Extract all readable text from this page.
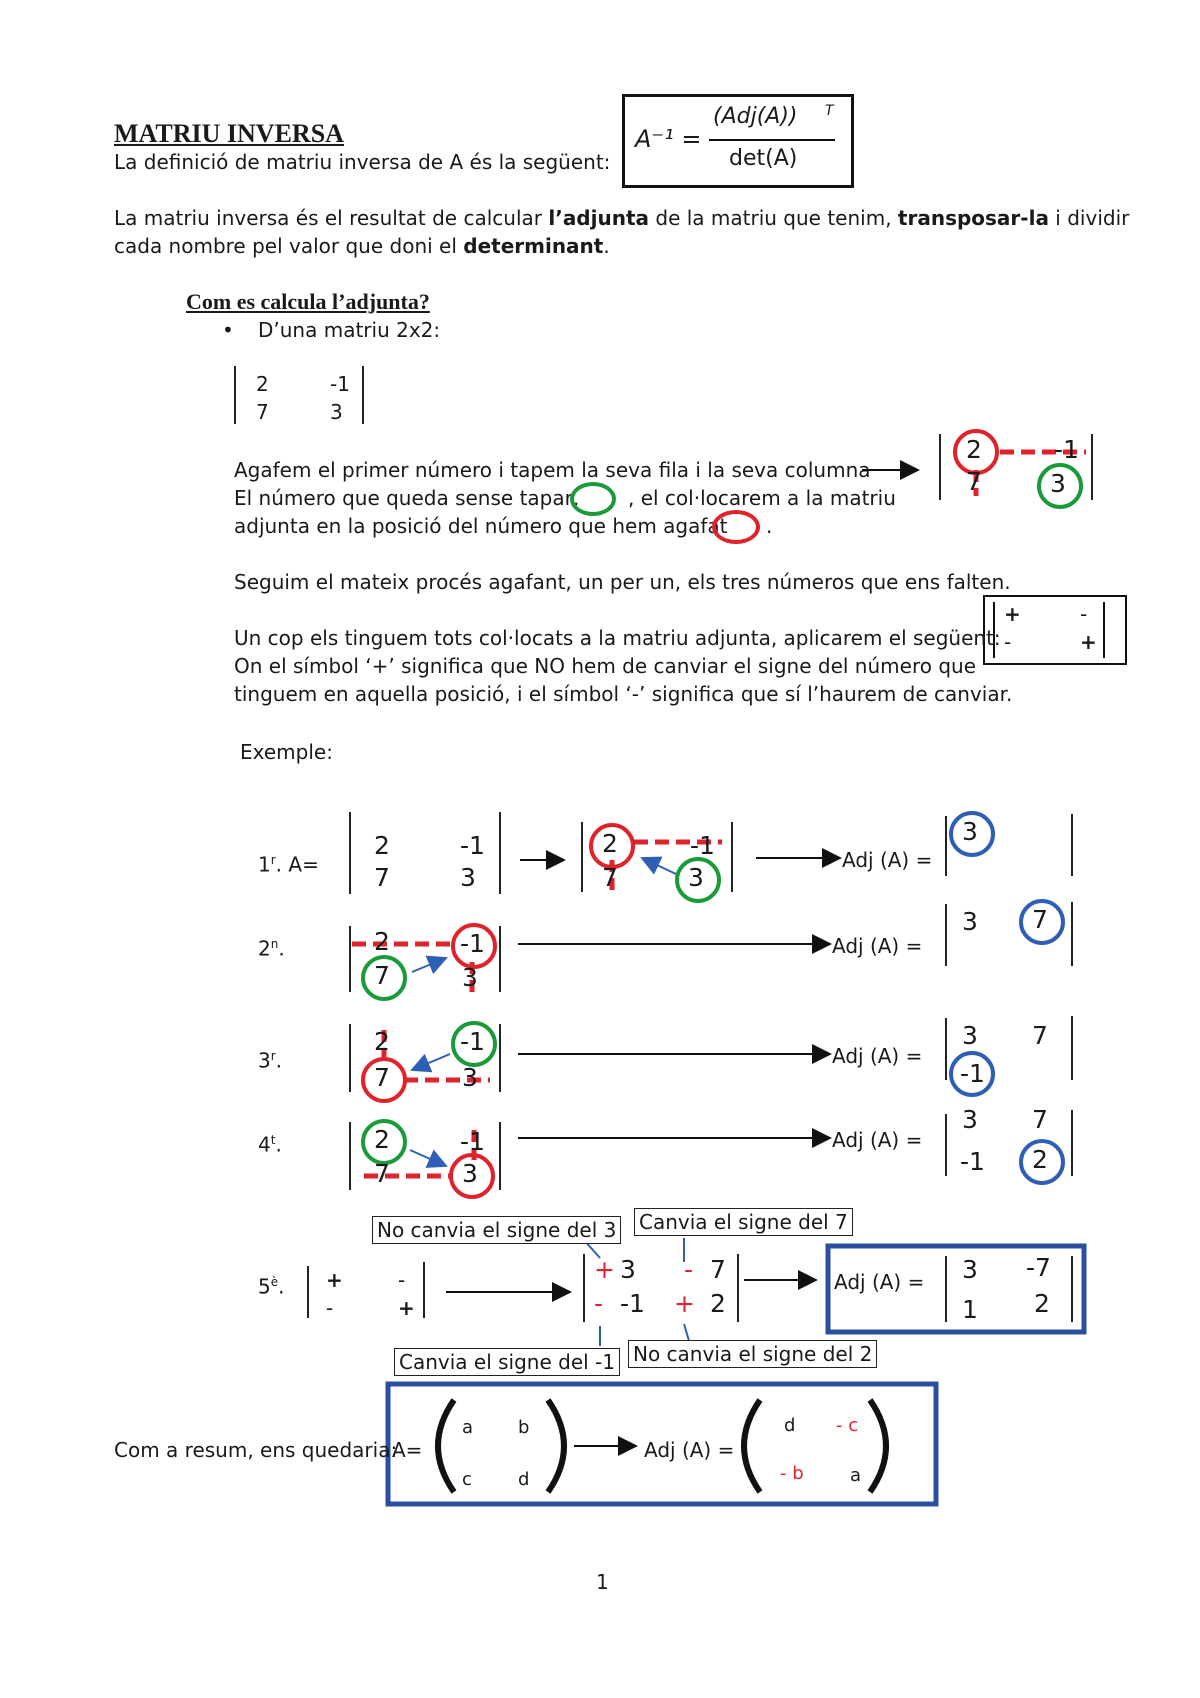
MATRIU INVERSA
La definició de matriu inversa de A és la següent:
A⁻¹ =
(Adj(A)) T
det(A)
La matriu inversa és el resultat de calcular l’adjunta de la matriu que tenim, transposar-la i dividir
cada nombre pel valor que doni el determinant.
Com es calcula l’adjunta?
• D’una matriu 2x2:
2	-1
7	3
Agafem el primer número i tapem la seva fila i la seva columna
El número que queda sense tapar, , el col·locarem a la matriu
adjunta en la posició del número que hem agafat .
2	-1
7	3
Seguim el mateix procés agafant, un per un, els tres números que ens falten.
Un cop els tinguem tots col·locats a la matriu adjunta, aplicarem el següent:
On el símbol ‘+’ significa que NO hem de canviar el signe del número que
tinguem en aquella posició, i el símbol ‘-’ significa que sí l’haurem de canviar.
+	-
-	+
Exemple:
1$^r$. A=
2	-1
7	3
2	-1
7	3
Adj (A) =
3
2$^n$.	2	-1
7	3
Adj (A) =
3 7
3$^r$.
2	-1
7	3
Adj (A) =
3 7
-1
4$^t$.	2	-1
7	3
Adj (A) =
3 7
-1 2
$5^è$. +	-
-	+
+ 3 - 7
- -1 + 2
Adj (A) = 3 -7
1 2
No canvia el signe del 3 Canvia el signe del 7
Canvia el signe del -1 No canvia el signe del 2
Com a resum, ens quedaria:
A=
a b
c	d
Adj (A) =
d - c
- b	a
1
